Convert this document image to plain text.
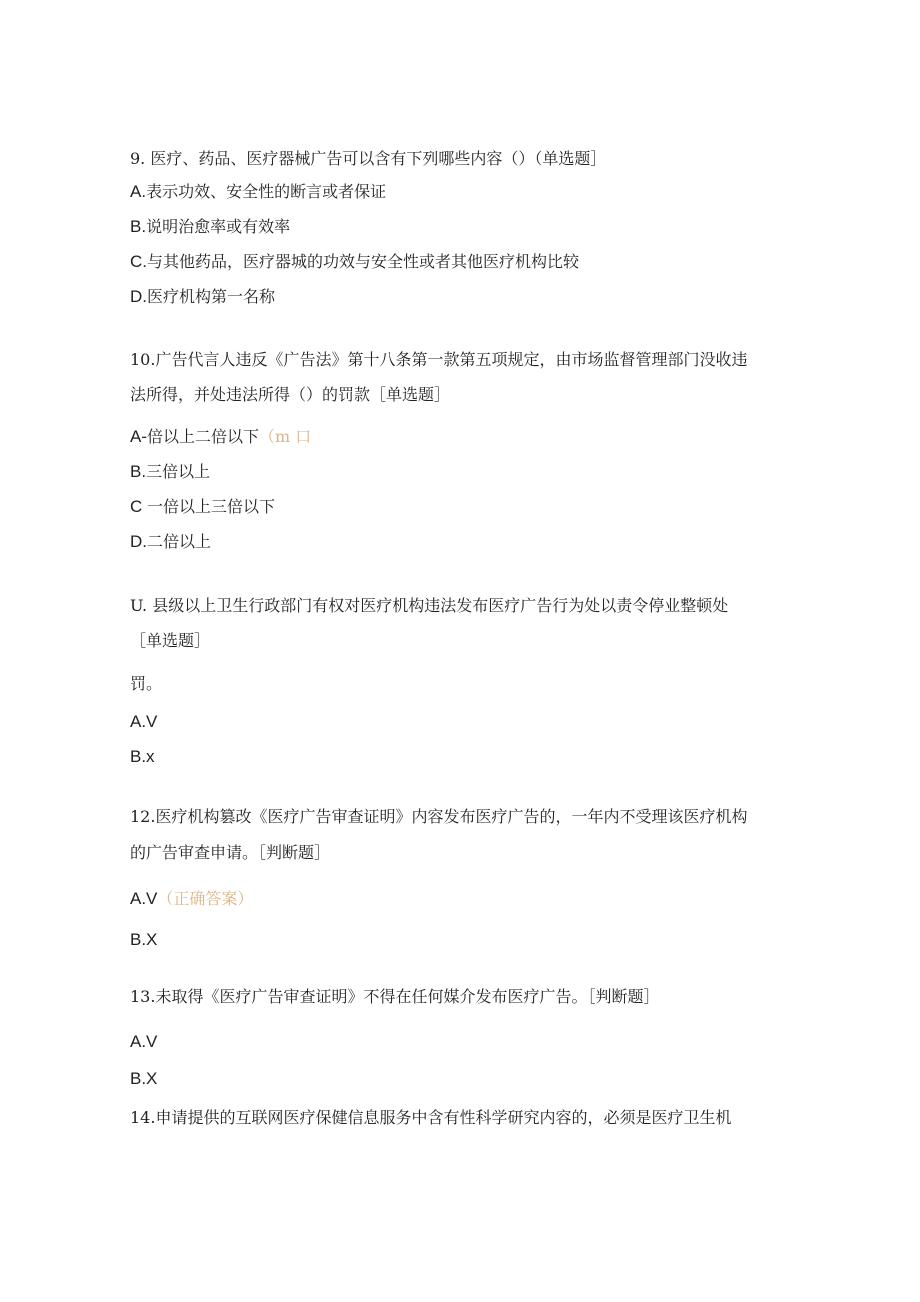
9. 医疗、药品、医疗器械广告可以含有下列哪些内容（）（单选题］
A.表示功效、安全性的断言或者保证
B.说明治愈率或有效率
C.与其他药品，医疗器城的功效与安全性或者其他医疗机构比较
D.医疗机构第一名称
10.广告代言人违反《广告法》第十八条第一款第五项规定，由市场监督管理部门没收违
法所得，并处违法所得（）的罚款［单选题］
A-倍以上二倍以下（m 口
B.三倍以上
C 一倍以上三倍以下
D.二倍以上
U. 县级以上卫生行政部门有权对医疗机构违法发布医疗广告行为处以责令停业整顿处
［单选题］
罚。
A.V
B.x
12.医疗机构篡改《医疗广告审查证明》内容发布医疗广告的，一年内不受理该医疗机构
的广告审查申请。［判断题］
A.V（正确答案）
B.X
13.未取得《医疗广告审查证明》不得在任何媒介发布医疗广告。［判断题］
A.V
B.X
14.申请提供的互联网医疗保健信息服务中含有性科学研究内容的，必须是医疗卫生机
